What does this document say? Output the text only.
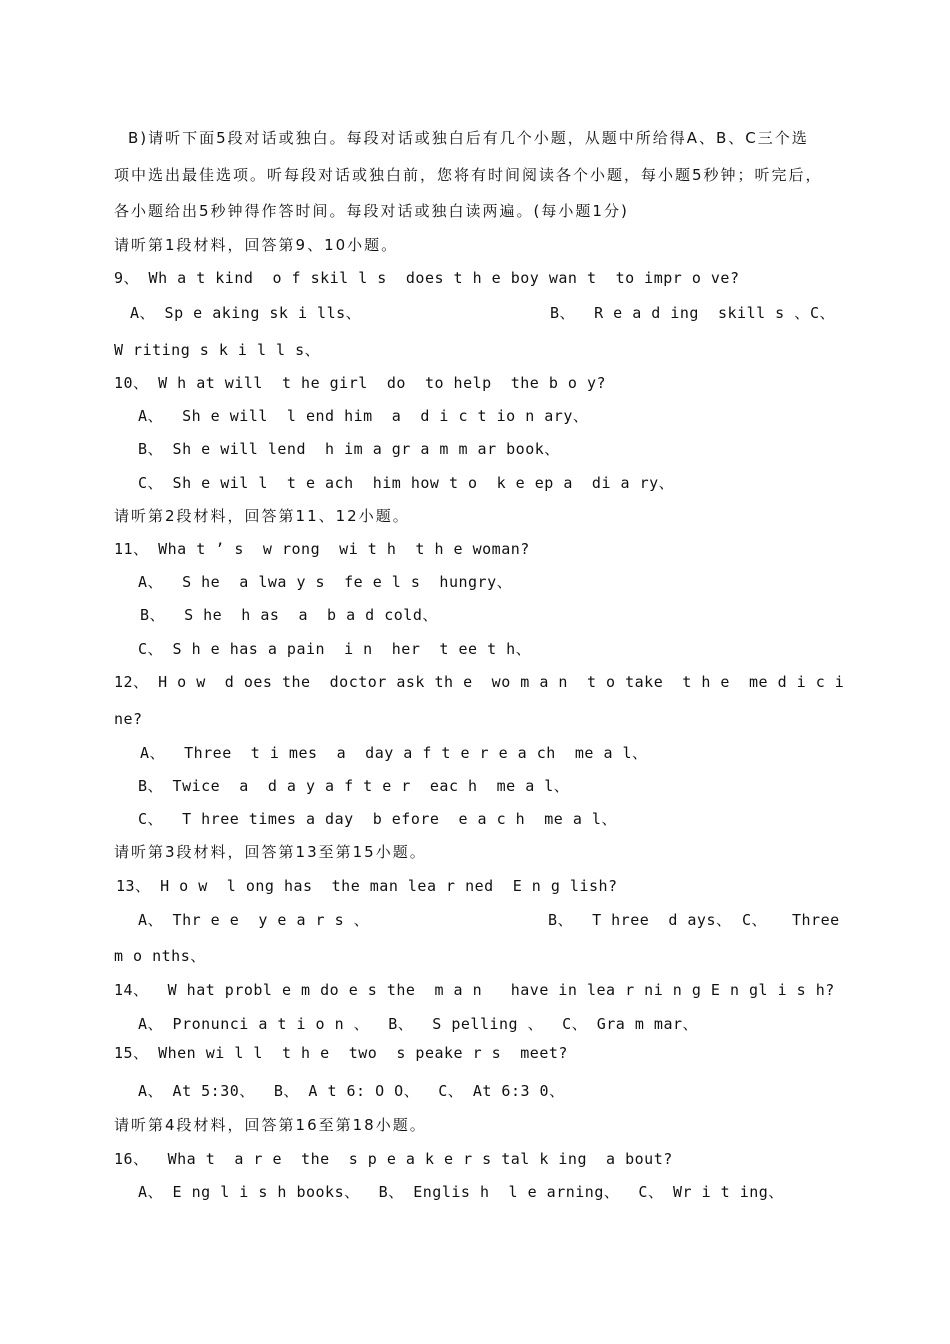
B)请听下面5段对话或独白。每段对话或独白后有几个小题，从题中所给得A、B、C三个选
项中选出最佳选项。听每段对话或独白前，您将有时间阅读各个小题，每小题5秒钟；听完后，
各小题给出5秒钟得作答时间。每段对话或独白读两遍。(每小题1分)
请听第1段材料，回答第9、10小题。
9、 Wh a t kind  o f skil l s  does t h e boy wan t  to impr o ve?
A、 Sp e aking sk i lls、	B、  R e a d ing  skill s 、 C、
W riting s k i l l s、
10、 W h at will  t he girl  do  to help  the b o y?
A、  Sh e will  l end him  a  d i c t io n ary、
B、 Sh e will lend  h im a gr a m m ar book、
C、 Sh e wil l  t e ach  him how t o  k e ep a  di a ry、
请听第2段材料，回答第11、12小题。
11、 Wha t ’ s  w rong  wi t h  t h e woman?
A、  S he  a lwa y s  fe e l s  hungry、
B、  S he  h as  a  b a d cold、
C、 S h e has a pain  i n  her  t ee t h、
12、 H o w  d oes the  doctor ask th e  wo m a n  t o take  t h e  me d i c i
ne?
A、  Three  t i mes  a  day a f t e r e a ch  me a l、
B、 Twice  a  d a y a f t e r  eac h  me a l、
C、  T hree times a day  b efore  e a c h  me a l、
请听第3段材料，回答第13至第15小题。
13、 H o w  l ong has  the man lea r ned  E n g lish?
A、 Thr e e  y e a r s 、	B、  T hree  d ays、 C、 Three
m o nths、
14、  W hat probl e m do e s the  m a n   have in lea r ni n g E n gl i s h?
A、 Pronunci a t i o n 、  B、  S pelling 、  C、 Gra m mar、
15、 When wi l l  t h e  two  s peake r s  meet?
A、 At 5:30、  B、 A t 6: O O、  C、 At 6:3 0、
请听第4段材料，回答第16至第18小题。
16、  Wha t  a r e  the  s p e a k e r s tal k ing  a bout?
A、 E ng l i s h books、  B、 Englis h  l e arning、  C、 Wr i t ing、
